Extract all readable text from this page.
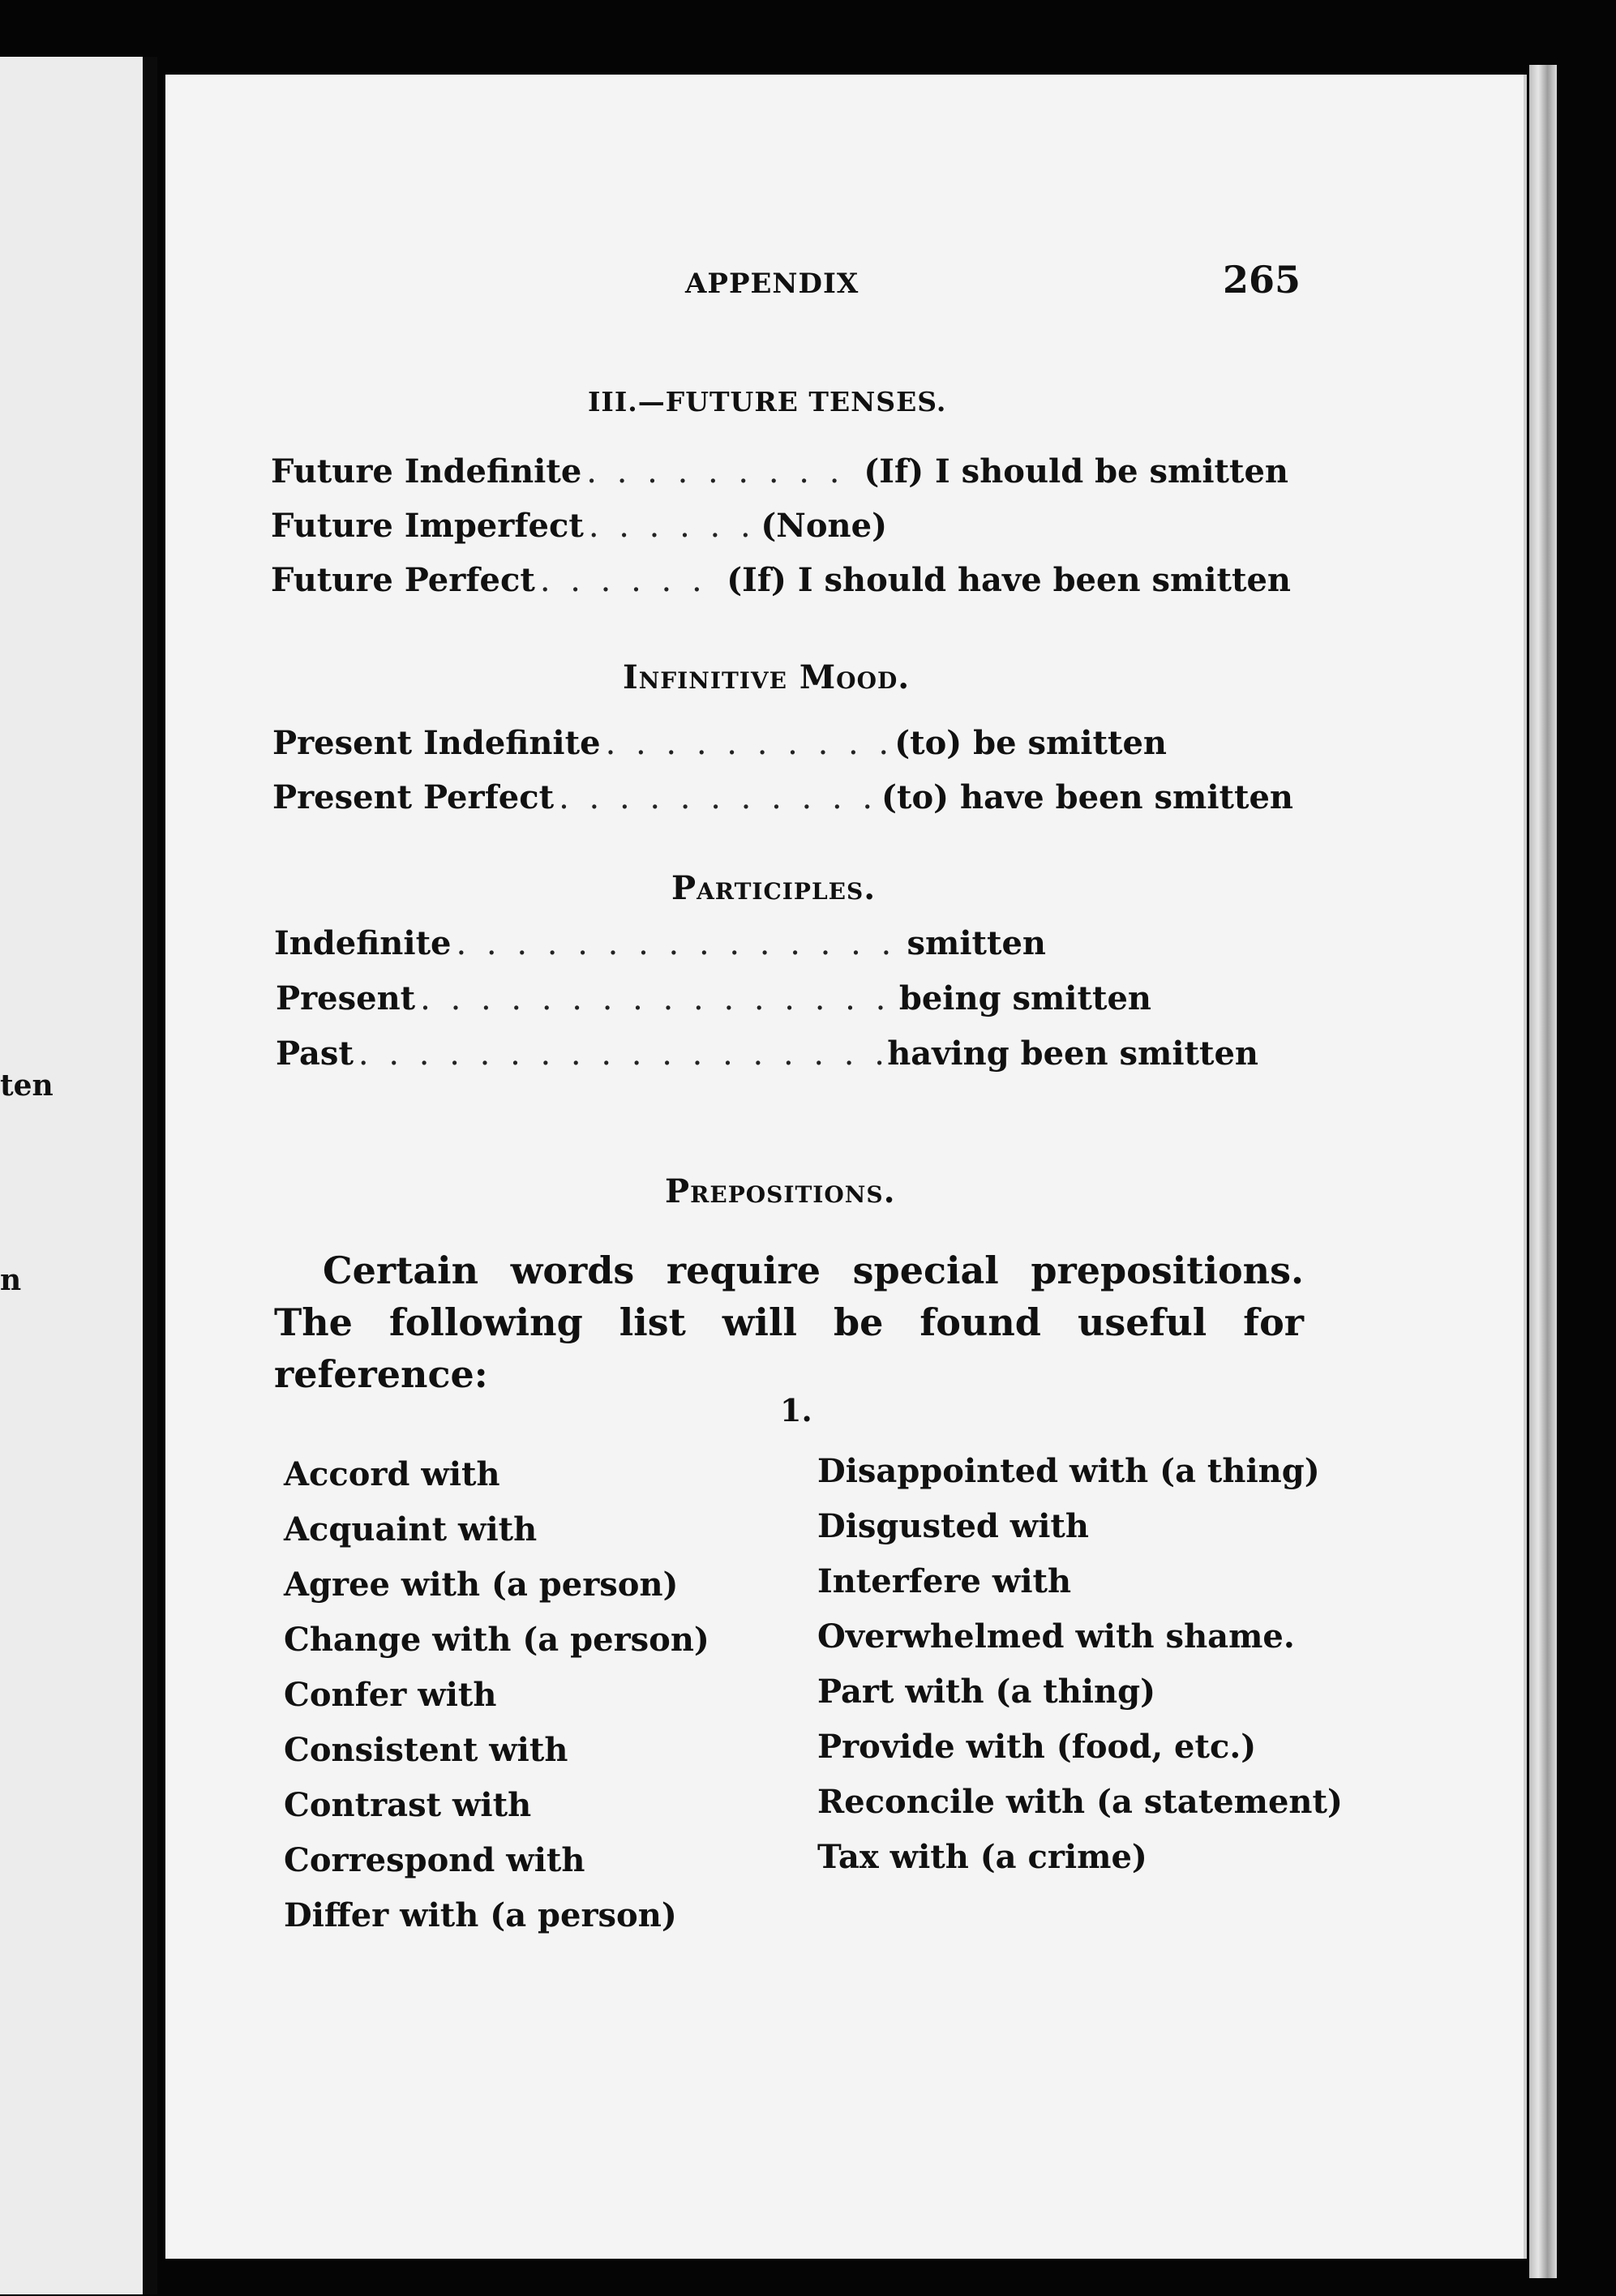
ten
n
APPENDIX	265
III.—FUTURE TENSES.
Future Indefinite . . .	(If) I should be smitten
Future Imperfect . . .	(None)
Future Perfect . . .	(If) I should have been smitten
Infinitive Mood.
Present Indefinite . . .	(to) be smitten
Present Perfect . . .	(to) have been smitten
Participles.
Indefinite . . .	smitten
Present . . .	being smitten
Past . . .	having been smitten
Prepositions.

Certain words require special prepositions. The following list will be found useful for reference:

1.
Accord with
Acquaint with
Agree with (a person)
Change with (a person)
Confer with
Consistent with
Contrast with
Correspond with
Differ with (a person)
Disappointed with (a thing)
Disgusted with
Interfere with
Overwhelmed with shame.
Part with (a thing)
Provide with (food, etc.)
Reconcile with (a statement)
Tax with (a crime)
